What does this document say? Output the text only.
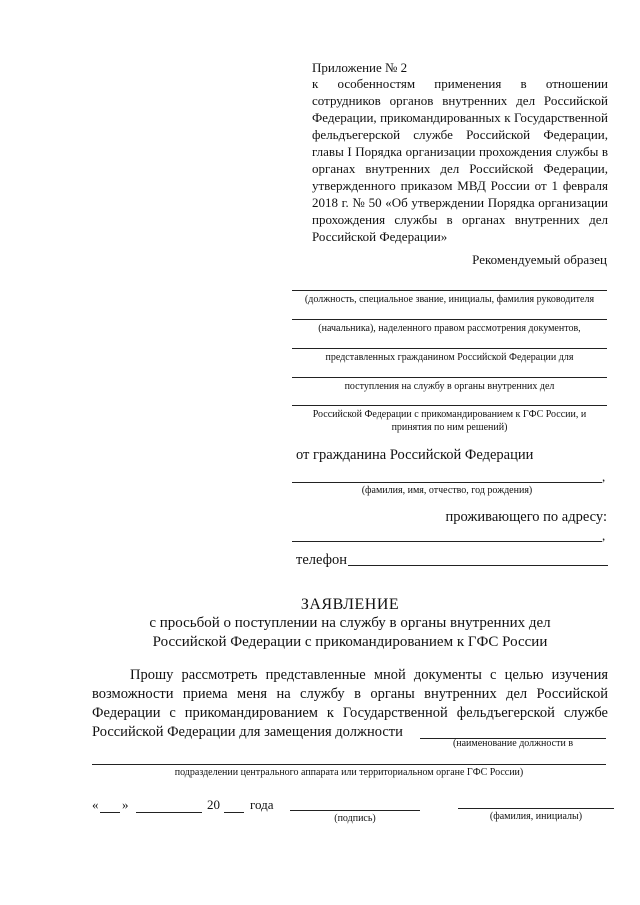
Приложение № 2
к особенностям применения в отношении
сотрудников органов внутренних дел Российской
Федерации, прикомандированных к Государственной
фельдъегерской службе Российской Федерации,
главы I Порядка организации прохождения службы в
органах внутренних дел Российской Федерации,
утвержденного приказом МВД России от 1 февраля
2018 г. № 50 «Об утверждении Порядка организации
прохождения службы в органах внутренних дел
Российской Федерации»
Рекомендуемый образец
(должность, специальное звание, инициалы, фамилия руководителя
(начальника), наделенного правом рассмотрения документов,
представленных гражданином Российской Федерации для
поступления на службу в органы внутренних дел
Российской Федерации с прикомандированием к ГФС России, и
принятия по ним решений)
от гражданина Российской Федерации
,
(фамилия, имя, отчество, год рождения)
проживающего по адресу:
,
телефон
ЗАЯВЛЕНИЕ
с просьбой о поступлении на службу в органы внутренних дел
Российской Федерации с прикомандированием к ГФС России
Прошу рассмотреть представленные мной документы с целью изучения
возможности приема меня на службу в органы внутренних дел Российской
Федерации с прикомандированием к Государственной фельдъегерской службе
Российской Федерации для замещения должности
(наименование должности в
подразделении центрального аппарата или территориальном органе ГФС России)
« »	20 года
(подпись)	(фамилия, инициалы)
